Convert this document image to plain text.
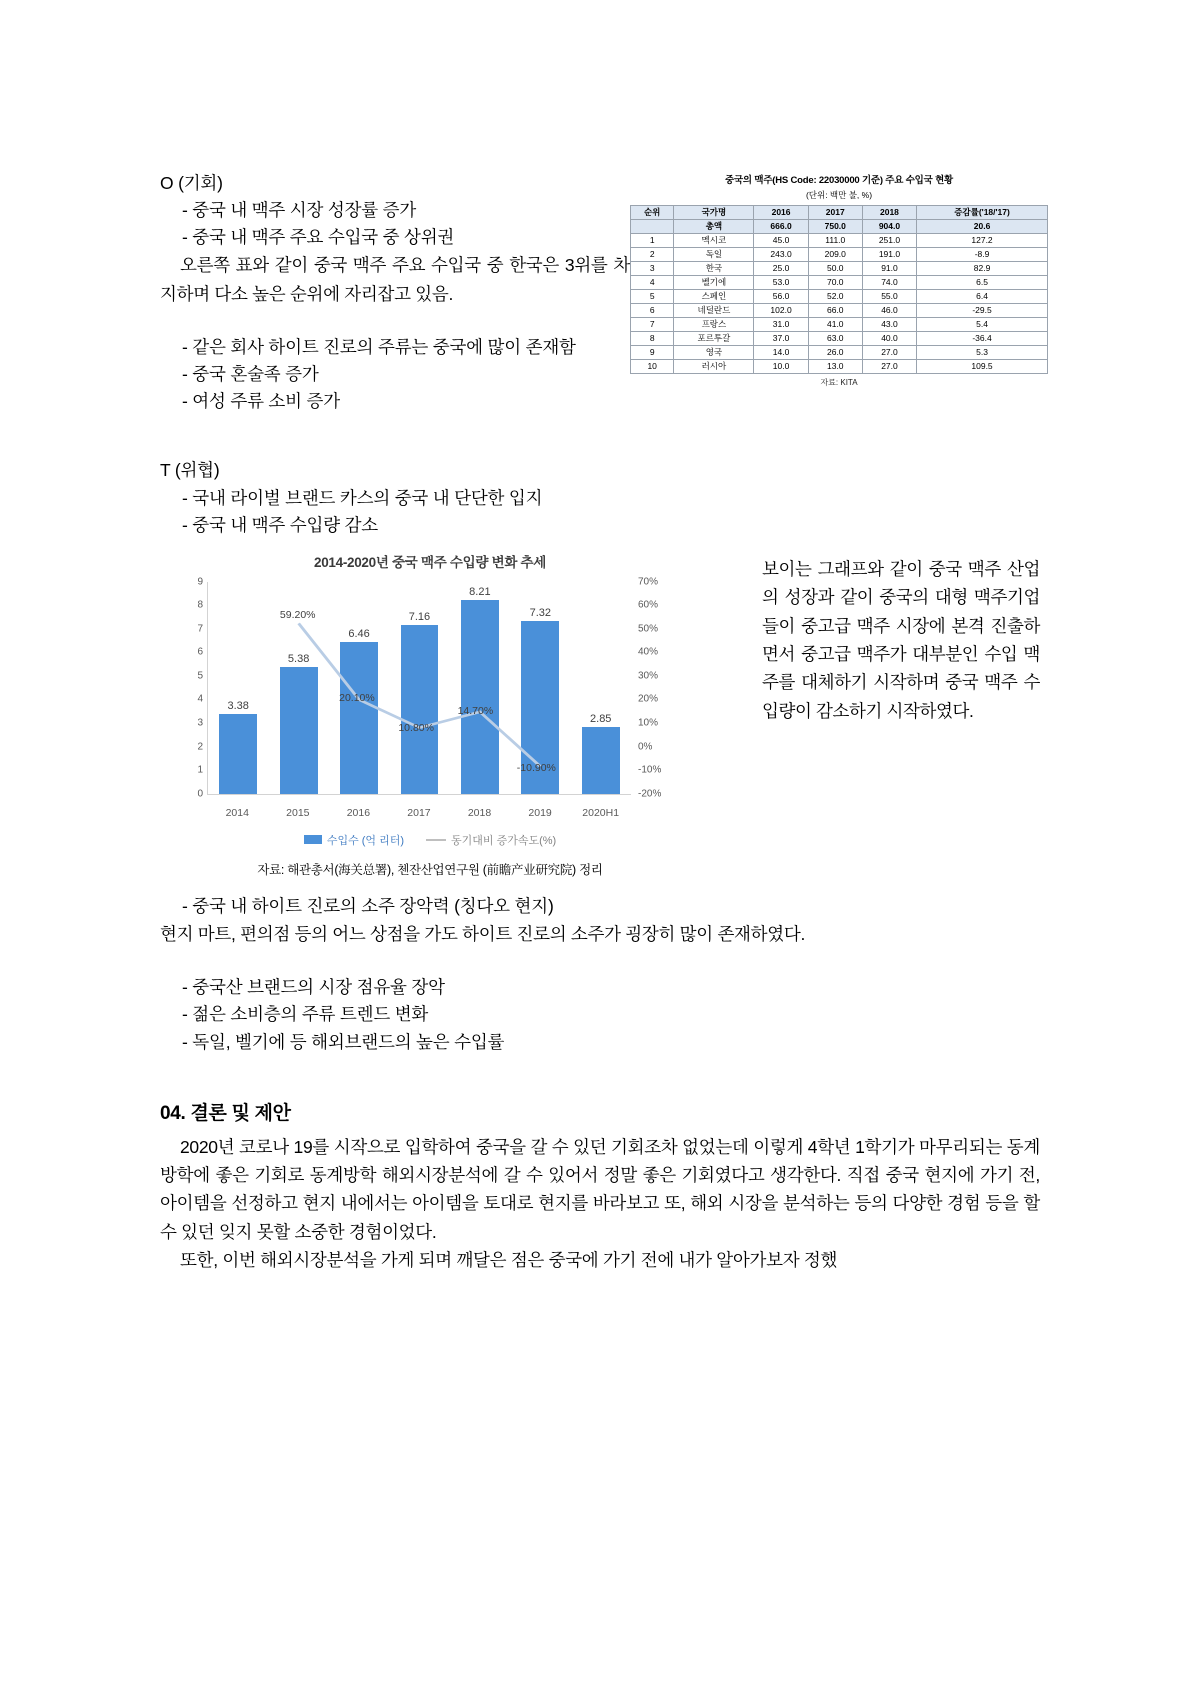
중국의 맥주(HS Code: 22030000 기준) 주요 수입국 현황
(단위: 백만 불, %)
순위	국가명	2016	2017	2018	증감률('18/'17)
	총액	666.0	750.0	904.0	20.6
1	멕시코	45.0	111.0	251.0	127.2
2	독일	243.0	209.0	191.0	-8.9
3	한국	25.0	50.0	91.0	82.9
4	벨기에	53.0	70.0	74.0	6.5
5	스페인	56.0	52.0	55.0	6.4
6	네덜란드	102.0	66.0	46.0	-29.5
7	프랑스	31.0	41.0	43.0	5.4
8	포르투갈	37.0	63.0	40.0	-36.4
9	영국	14.0	26.0	27.0	5.3
10	러시아	10.0	13.0	27.0	109.5
자료: KITA
O (기회)
- 중국 내 맥주 시장 성장률 증가
- 중국 내 맥주 주요 수입국 중 상위권
오른쪽 표와 같이 중국 맥주 주요 수입국 중 한국은 3위를 차지하며 다소 높은 순위에 자리잡고 있음.
- 같은 회사 하이트 진로의 주류는 중국에 많이 존재함
- 중국 혼술족 증가
- 여성 주류 소비 증가
T (위협)
- 국내 라이벌 브랜드 카스의 중국 내 단단한 입지
- 중국 내 맥주 수입량 감소
2014-2020년 중국 맥주 수입량 변화 추세
9
8
7
6
5
4
3
2
1
0
70%
60%
50%
40%
30%
20%
10%
0%
-10%
-20%
3.38
5.38
6.46
7.16
8.21
7.32
2.85
59.20%
20.10%
10.80%
14.70%
-10.90%
2014	2015	2016	2017	2018	2019	2020H1
수입수 (억 리터)	동기대비 증가속도(%)
자료: 해관총서(海关总署), 첸잔산업연구원 (前瞻产业研究院) 정리
보이는 그래프와 같이 중국 맥주 산업의 성장과 같이 중국의 대형 맥주기업들이 중고급 맥주 시장에 본격 진출하면서 중고급 맥주가 대부분인 수입 맥주를 대체하기 시작하며 중국 맥주 수입량이 감소하기 시작하였다.
- 중국 내 하이트 진로의 소주 장악력 (칭다오 현지)
현지 마트, 편의점 등의 어느 상점을 가도 하이트 진로의 소주가 굉장히 많이 존재하였다.
- 중국산 브랜드의 시장 점유율 장악
- 젊은 소비층의 주류 트렌드 변화
- 독일, 벨기에 등 해외브랜드의 높은 수입률
04. 결론 및 제안
2020년 코로나 19를 시작으로 입학하여 중국을 갈 수 있던 기회조차 없었는데 이렇게 4학년 1학기가 마무리되는 동계방학에 좋은 기회로 동계방학 해외시장분석에 갈 수 있어서 정말 좋은 기회였다고 생각한다. 직접 중국 현지에 가기 전, 아이템을 선정하고 현지 내에서는 아이템을 토대로 현지를 바라보고 또, 해외 시장을 분석하는 등의 다양한 경험 등을 할 수 있던 잊지 못할 소중한 경험이었다.
또한, 이번 해외시장분석을 가게 되며 깨달은 점은 중국에 가기 전에 내가 알아가보자 정했
